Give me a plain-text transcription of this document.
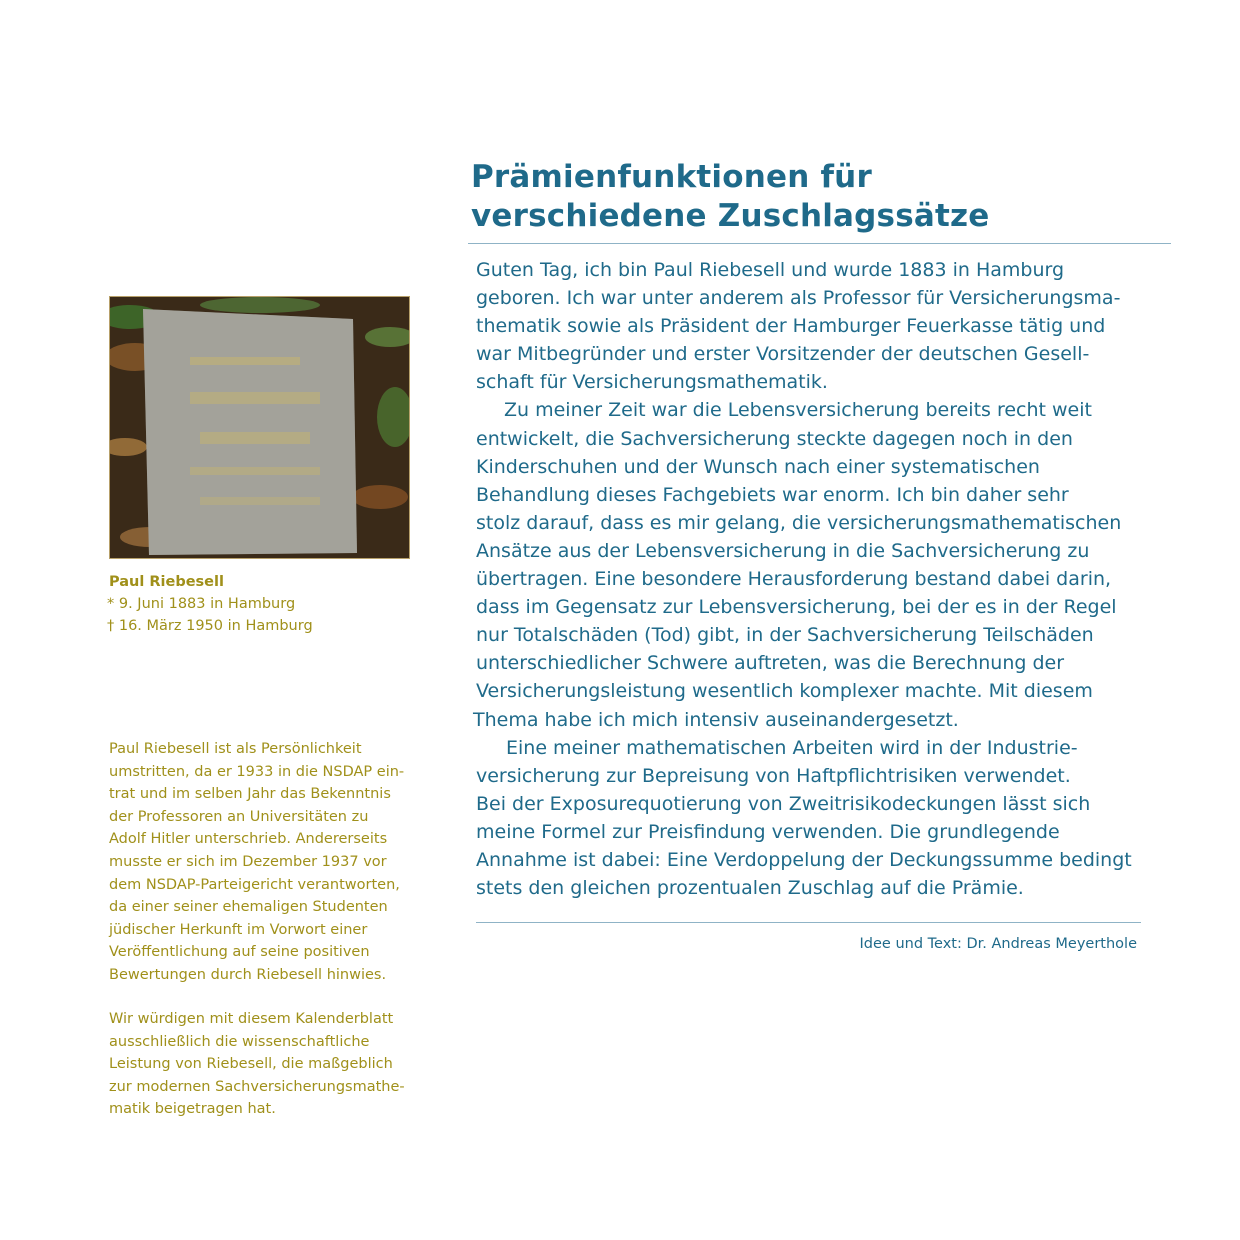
Prämienfunktionen für
verschiedene Zuschlagssätze
Guten Tag, ich bin Paul Riebesell und wurde 1883 in Hamburg
geboren. Ich war unter anderem als Professor für Versicherungsma-
thematik sowie als Präsident der Hamburger Feuerkasse tätig und
war Mitbegründer und erster Vorsitzender der deutschen Gesell-
schaft für Versicherungsmathematik.
Zu meiner Zeit war die Lebensversicherung bereits recht weit
entwickelt, die Sachversicherung steckte dagegen noch in den
Kinderschuhen und der Wunsch nach einer systematischen
Behandlung dieses Fachgebiets war enorm. Ich bin daher sehr
stolz darauf, dass es mir gelang, die versicherungsmathematischen
Ansätze aus der Lebensversicherung in die Sachversicherung zu
übertragen. Eine besondere Herausforderung bestand dabei darin,
dass im Gegensatz zur Lebensversicherung, bei der es in der Regel
nur Totalschäden (Tod) gibt, in der Sachversicherung Teilschäden
unterschiedlicher Schwere auftreten, was die Berechnung der
Versicherungsleistung wesentlich komplexer machte. Mit diesem
Thema habe ich mich intensiv auseinandergesetzt.
Eine meiner mathematischen Arbeiten wird in der Industrie-
versicherung zur Bepreisung von Haftpflichtrisiken verwendet.
Bei der Exposurequotierung von Zweitrisikodeckungen lässt sich
meine Formel zur Preisfindung verwenden. Die grundlegende
Annahme ist dabei: Eine Verdoppelung der Deckungssumme bedingt
stets den gleichen prozentualen Zuschlag auf die Prämie.
Idee und Text: Dr. Andreas Meyerthole
Paul Riebesell
* 9. Juni 1883 in Hamburg
† 16. März 1950 in Hamburg
Paul Riebesell ist als Persönlichkeit
umstritten, da er 1933 in die NSDAP ein-
trat und im selben Jahr das Bekenntnis
der Professoren an Universitäten zu
Adolf Hitler unterschrieb. Andererseits
musste er sich im Dezember 1937 vor
dem NSDAP-Parteigericht verantworten,
da einer seiner ehemaligen Studenten
jüdischer Herkunft im Vorwort einer
Veröffentlichung auf seine positiven
Bewertungen durch Riebesell hinwies.
Wir würdigen mit diesem Kalenderblatt
ausschließlich die wissenschaftliche
Leistung von Riebesell, die maßgeblich
zur modernen Sachversicherungsmathe-
matik beigetragen hat.
